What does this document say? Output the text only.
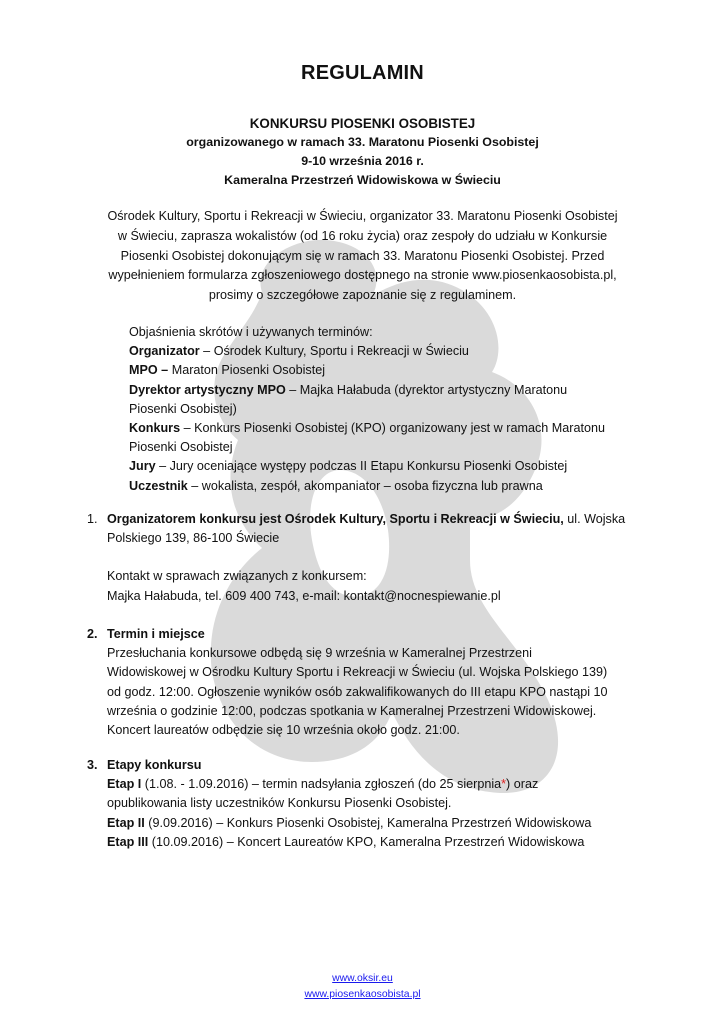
REGULAMIN
KONKURSU PIOSENKI OSOBISTEJ
organizowanego w ramach 33. Maratonu Piosenki Osobistej
9-10 września 2016 r.
Kameralna Przestrzeń Widowiskowa w Świeciu
Ośrodek Kultury, Sportu i Rekreacji w Świeciu, organizator 33. Maratonu Piosenki Osobistej
w Świeciu, zaprasza wokalistów (od 16 roku życia) oraz zespoły do udziału w Konkursie
Piosenki Osobistej dokonującym się w ramach 33. Maratonu Piosenki Osobistej. Przed
wypełnieniem formularza zgłoszeniowego dostępnego na stronie www.piosenkaosobista.pl,
prosimy o szczegółowe zapoznanie się z regulaminem.
Objaśnienia skrótów i używanych terminów:
Organizator – Ośrodek Kultury, Sportu i Rekreacji w Świeciu
MPO – Maraton Piosenki Osobistej
Dyrektor artystyczny MPO – Majka Hałabuda (dyrektor artystyczny Maratonu
Piosenki Osobistej)
Konkurs – Konkurs Piosenki Osobistej (KPO) organizowany jest w ramach Maratonu
Piosenki Osobistej
Jury – Jury oceniające występy podczas II Etapu Konkursu Piosenki Osobistej
Uczestnik – wokalista, zespół, akompaniator – osoba fizyczna lub prawna
1. Organizatorem konkursu jest Ośrodek Kultury, Sportu i Rekreacji w Świeciu, ul. Wojska
Polskiego 139, 86-100 Świecie
Kontakt w sprawach związanych z konkursem:
Majka Hałabuda, tel. 609 400 743, e-mail: kontakt@nocnespiewanie.pl
2. Termin i miejsce
Przesłuchania konkursowe odbędą się 9 września w Kameralnej Przestrzeni
Widowiskowej w Ośrodku Kultury Sportu i Rekreacji w Świeciu (ul. Wojska Polskiego 139)
od godz. 12:00. Ogłoszenie wyników osób zakwalifikowanych do III etapu KPO nastąpi 10
września o godzinie 12:00, podczas spotkania w Kameralnej Przestrzeni Widowiskowej.
Koncert laureatów odbędzie się 10 września około godz. 21:00.
3. Etapy konkursu
Etap I (1.08. - 1.09.2016) – termin nadsyłania zgłoszeń (do 25 sierpnia*) oraz
opublikowania listy uczestników Konkursu Piosenki Osobistej.
Etap II (9.09.2016) – Konkurs Piosenki Osobistej, Kameralna Przestrzeń Widowiskowa
Etap III (10.09.2016) – Koncert Laureatów KPO, Kameralna Przestrzeń Widowiskowa
www.oksir.eu
www.piosenkaosobista.pl
